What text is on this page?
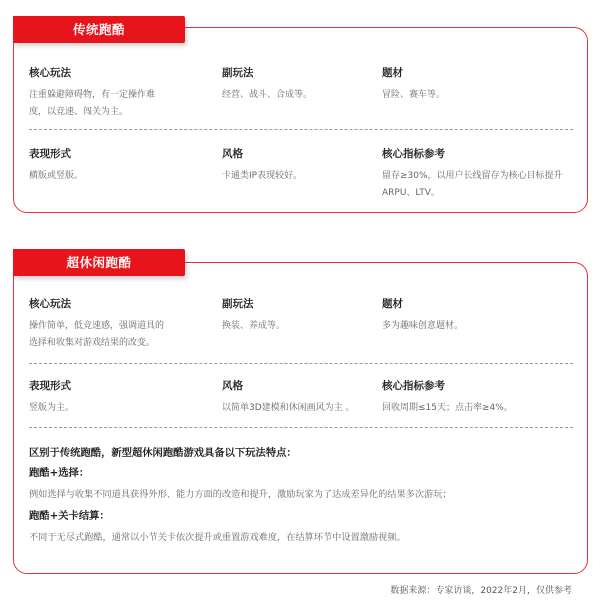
传统跑酷
核心玩法
注重躲避障碍物，有一定操作难
度，以竞速、闯关为主。
副玩法
经营、战斗、合成等。
题材
冒险、赛车等。
表现形式
横版或竖版。
风格
卡通类IP表现较好。
核心指标参考
留存≥30%，以用户长线留存为核心目标提升
ARPU、LTV。
超休闲跑酷
核心玩法
操作简单，低竞速感，强调道具的
选择和收集对游戏结果的改变。
副玩法
换装、养成等。
题材
多为趣味创意题材。
表现形式
竖版为主。
风格
以简单3D建模和休闲画风为主 。
核心指标参考
回收周期≤15天；点击率≥4%。
区别于传统跑酷，新型超休闲跑酷游戏具备以下玩法特点：
跑酷+选择：
例如选择与收集不同道具获得外形、能力方面的改造和提升，激励玩家为了达成差异化的结果多次游玩；
跑酷+关卡结算：
不同于无尽式跑酷，通常以小节关卡依次提升或重置游戏难度，在结算环节中设置激励视频。
数据来源：专家访谈，2022年2月，仅供参考
